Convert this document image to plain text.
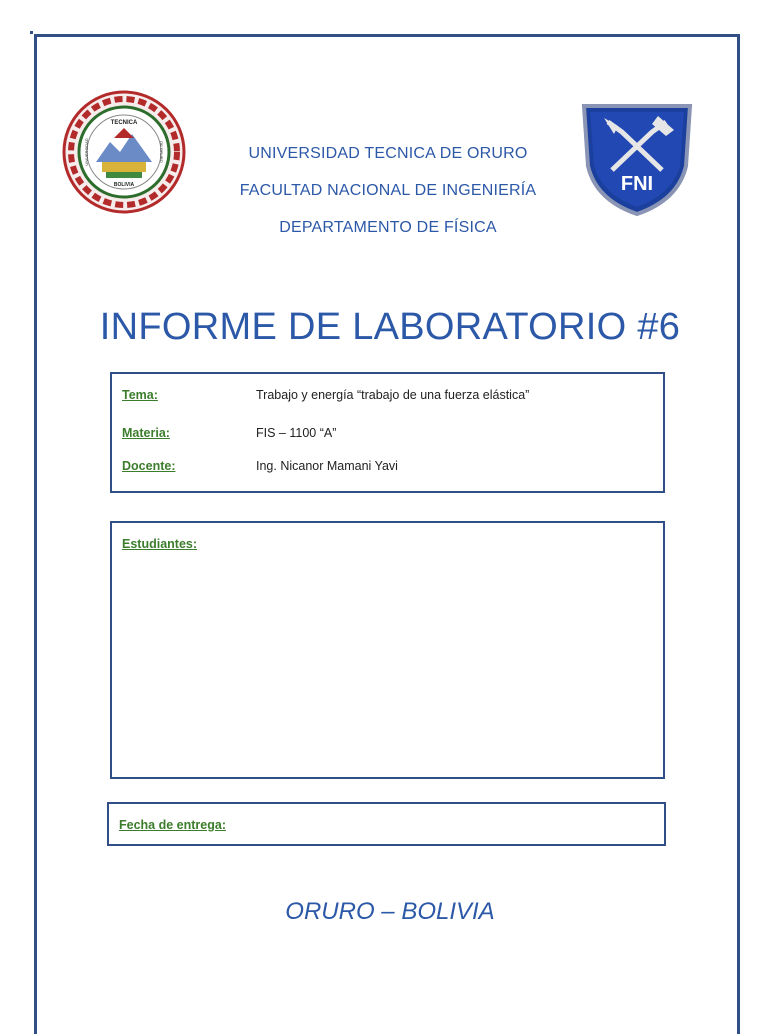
TECNICA
BOLIVIA
UNIVERSIDAD	DE ORURO
FNI
UNIVERSIDAD TECNICA DE ORURO
FACULTAD NACIONAL DE INGENIERÍA
DEPARTAMENTO DE FÍSICA
INFORME DE LABORATORIO #6
Tema:	Trabajo y energía “trabajo de una fuerza elástica”
Materia:	FIS – 1100 “A”
Docente:	Ing. Nicanor Mamani Yavi
Estudiantes:
Fecha de entrega:
ORURO – BOLIVIA
